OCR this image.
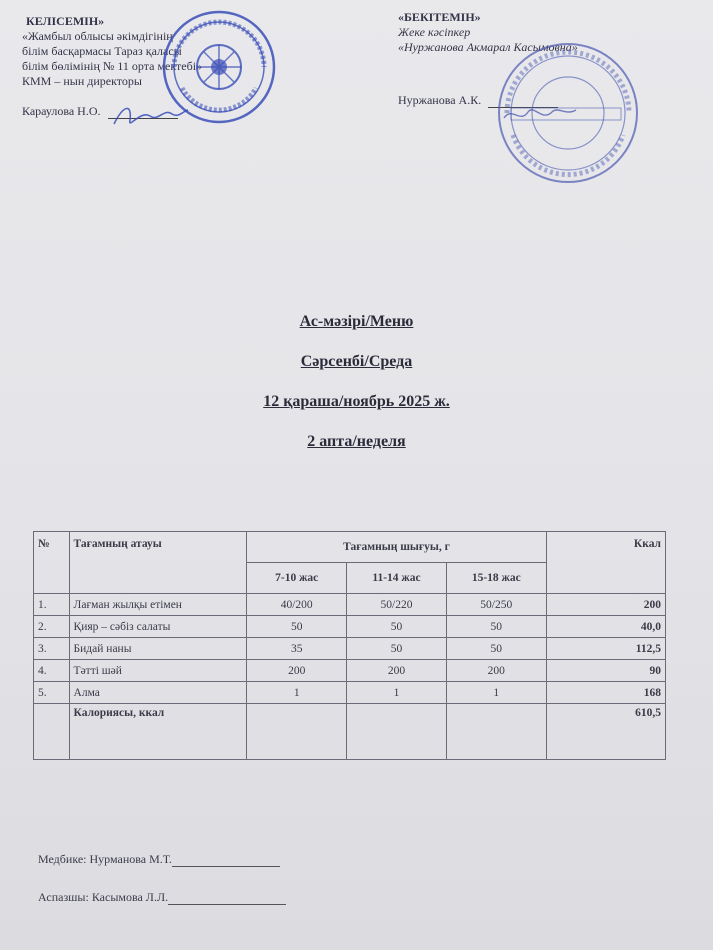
КЕЛІСЕМІН»
«Жамбыл облысы әкімдігінің
білім басқармасы Тараз қаласы
білім бөлімінің № 11 орта мектебі»
КММ – нын директоры
Караулова Н.О.
«БЕКІТЕМІН»
Жеке кәсіпкер
«Нуржанова Акмарал Касымовна»
Нуржанова А.К.
Ас-мәзірі/Меню
Сәрсенбі/Среда
12 қараша/ноябрь 2025 ж.
2 апта/неделя
№	Тағамның атауы	Тағамның шығуы, г			Ккал
		7-10 жас	11-14 жас	15-18 жас	
1.	Лағман жылқы етімен	40/200	50/220	50/250	200
2.	Қияр – сәбіз салаты	50	50	50	40,0
3.	Бидай наны	35	50	50	112,5
4.	Тәтті шәй	200	200	200	90
5.	Алма	1	1	1	168
	Калориясы, ккал				610,5
Медбике: Нурманова М.Т.
Аспазшы: Касымова Л.Л.
